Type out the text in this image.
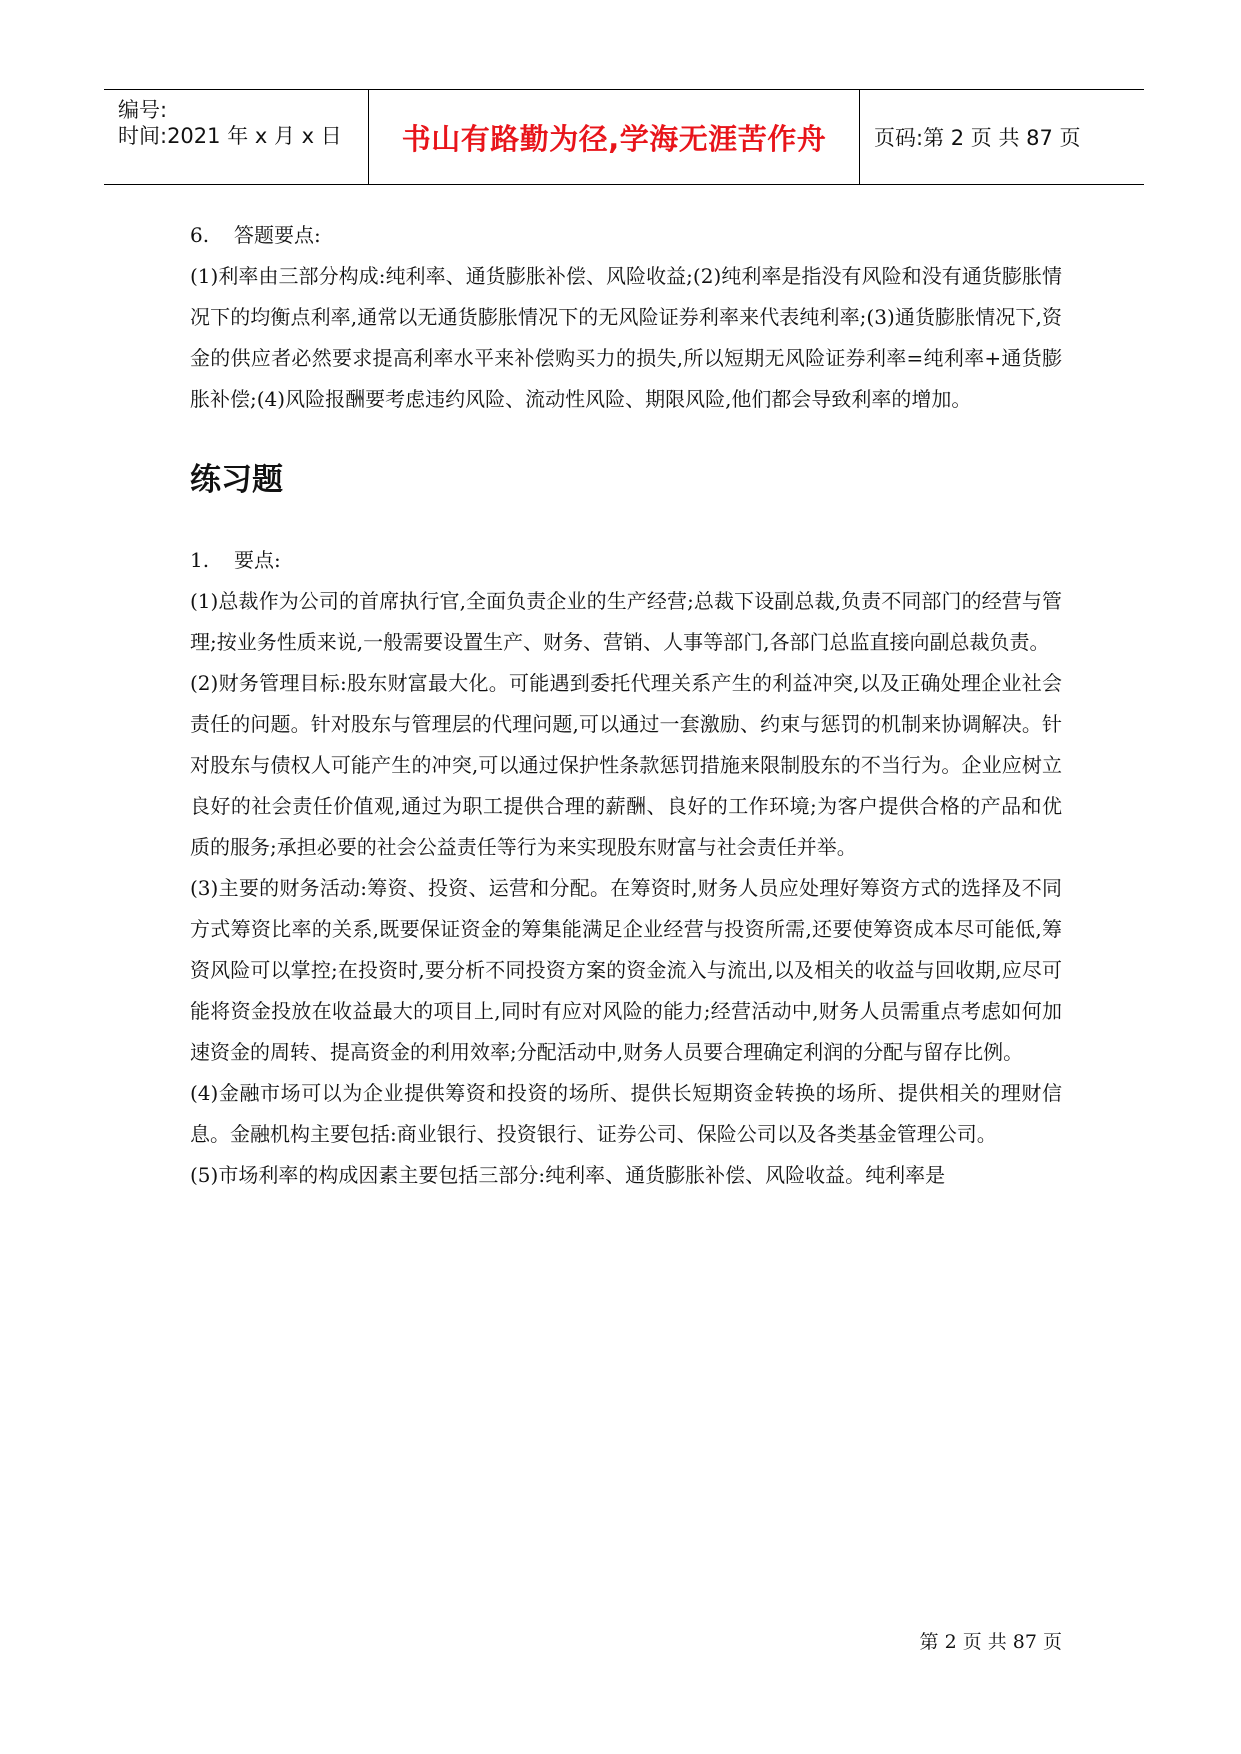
编号:
时间:2021 年 x 月 x 日 书山有路勤为径,学海无涯苦作舟 页码:第 2 页 共 87 页

6. 答题要点:

(1)利率由三部分构成:纯利率、通货膨胀补偿、风险收益;(2)纯利率是指没有风险和没有通货膨胀情况下的均衡点利率,通常以无通货膨胀情况下的无风险证券利率来代表纯利率;(3)通货膨胀情况下,资金的供应者必然要求提高利率水平来补偿购买力的损失,所以短期无风险证券利率=纯利率+通货膨胀补偿;(4)风险报酬要考虑违约风险、流动性风险、期限风险,他们都会导致利率的增加。

练习题

1. 要点:

(1)总裁作为公司的首席执行官,全面负责企业的生产经营;总裁下设副总裁,负责不同部门的经营与管理;按业务性质来说,一般需要设置生产、财务、营销、人事等部门,各部门总监直接向副总裁负责。

(2)财务管理目标:股东财富最大化。可能遇到委托代理关系产生的利益冲突,以及正确处理企业社会责任的问题。针对股东与管理层的代理问题,可以通过一套激励、约束与惩罚的机制来协调解决。针对股东与债权人可能产生的冲突,可以通过保护性条款惩罚措施来限制股东的不当行为。企业应树立良好的社会责任价值观,通过为职工提供合理的薪酬、良好的工作环境;为客户提供合格的产品和优质的服务;承担必要的社会公益责任等行为来实现股东财富与社会责任并举。

(3)主要的财务活动:筹资、投资、运营和分配。在筹资时,财务人员应处理好筹资方式的选择及不同方式筹资比率的关系,既要保证资金的筹集能满足企业经营与投资所需,还要使筹资成本尽可能低,筹资风险可以掌控;在投资时,要分析不同投资方案的资金流入与流出,以及相关的收益与回收期,应尽可能将资金投放在收益最大的项目上,同时有应对风险的能力;经营活动中,财务人员需重点考虑如何加速资金的周转、提高资金的利用效率;分配活动中,财务人员要合理确定利润的分配与留存比例。

(4)金融市场可以为企业提供筹资和投资的场所、提供长短期资金转换的场所、提供相关的理财信息。金融机构主要包括:商业银行、投资银行、证券公司、保险公司以及各类基金管理公司。

(5)市场利率的构成因素主要包括三部分:纯利率、通货膨胀补偿、风险收益。纯利率是

第 2 页 共 87 页
